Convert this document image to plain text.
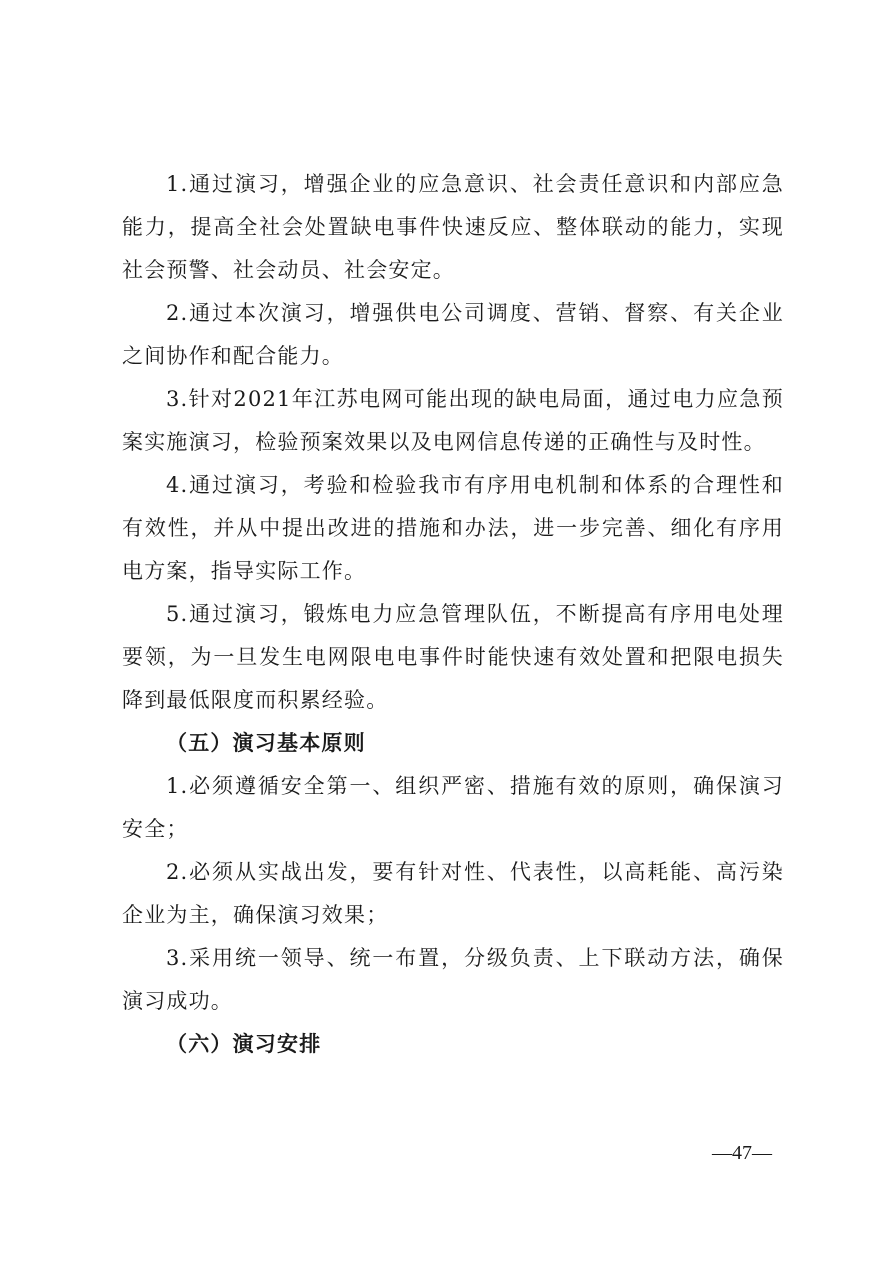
1.通过演习，增强企业的应急意识、社会责任意识和内部应急能力，提高全社会处置缺电事件快速反应、整体联动的能力，实现社会预警、社会动员、社会安定。

2.通过本次演习，增强供电公司调度、营销、督察、有关企业之间协作和配合能力。

3.针对2021年江苏电网可能出现的缺电局面，通过电力应急预案实施演习，检验预案效果以及电网信息传递的正确性与及时性。

4.通过演习，考验和检验我市有序用电机制和体系的合理性和有效性，并从中提出改进的措施和办法，进一步完善、细化有序用电方案，指导实际工作。

5.通过演习，锻炼电力应急管理队伍，不断提高有序用电处理要领，为一旦发生电网限电电事件时能快速有效处置和把限电损失降到最低限度而积累经验。

（五）演习基本原则

1.必须遵循安全第一、组织严密、措施有效的原则，确保演习安全；

2.必须从实战出发，要有针对性、代表性，以高耗能、高污染企业为主，确保演习效果；

3.采用统一领导、统一布置，分级负责、上下联动方法，确保演习成功。

（六）演习安排

—47—
